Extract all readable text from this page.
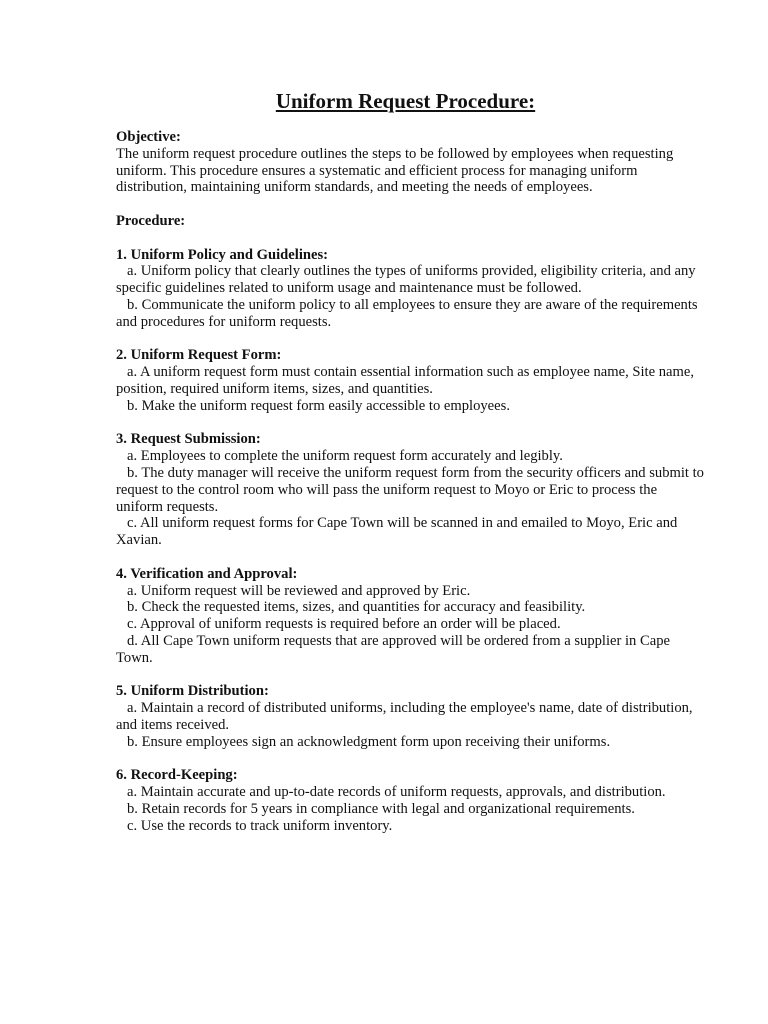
Uniform Request Procedure:

Objective:

The uniform request procedure outlines the steps to be followed by employees when requesting uniform. This procedure ensures a systematic and efficient process for managing uniform distribution, maintaining uniform standards, and meeting the needs of employees.

Procedure:

1. Uniform Policy and Guidelines:

a. Uniform policy that clearly outlines the types of uniforms provided, eligibility criteria, and any specific guidelines related to uniform usage and maintenance must be followed.

b. Communicate the uniform policy to all employees to ensure they are aware of the requirements and procedures for uniform requests.

2. Uniform Request Form:

a. A uniform request form must contain essential information such as employee name, Site name, position, required uniform items, sizes, and quantities.

b. Make the uniform request form easily accessible to employees.

3. Request Submission:

a. Employees to complete the uniform request form accurately and legibly.

b. The duty manager will receive the uniform request form from the security officers and submit to request to the control room who will pass the uniform request to Moyo or Eric to process the uniform requests.

c. All uniform request forms for Cape Town will be scanned in and emailed to Moyo, Eric and Xavian.

4. Verification and Approval:

a. Uniform request will be reviewed and approved by Eric.

b. Check the requested items, sizes, and quantities for accuracy and feasibility.

c. Approval of uniform requests is required before an order will be placed.

d. All Cape Town uniform requests that are approved will be ordered from a supplier in Cape Town.

5. Uniform Distribution:

a. Maintain a record of distributed uniforms, including the employee's name, date of distribution, and items received.

b. Ensure employees sign an acknowledgment form upon receiving their uniforms.

6. Record-Keeping:

a. Maintain accurate and up-to-date records of uniform requests, approvals, and distribution.

b. Retain records for 5 years in compliance with legal and organizational requirements.

c. Use the records to track uniform inventory.
